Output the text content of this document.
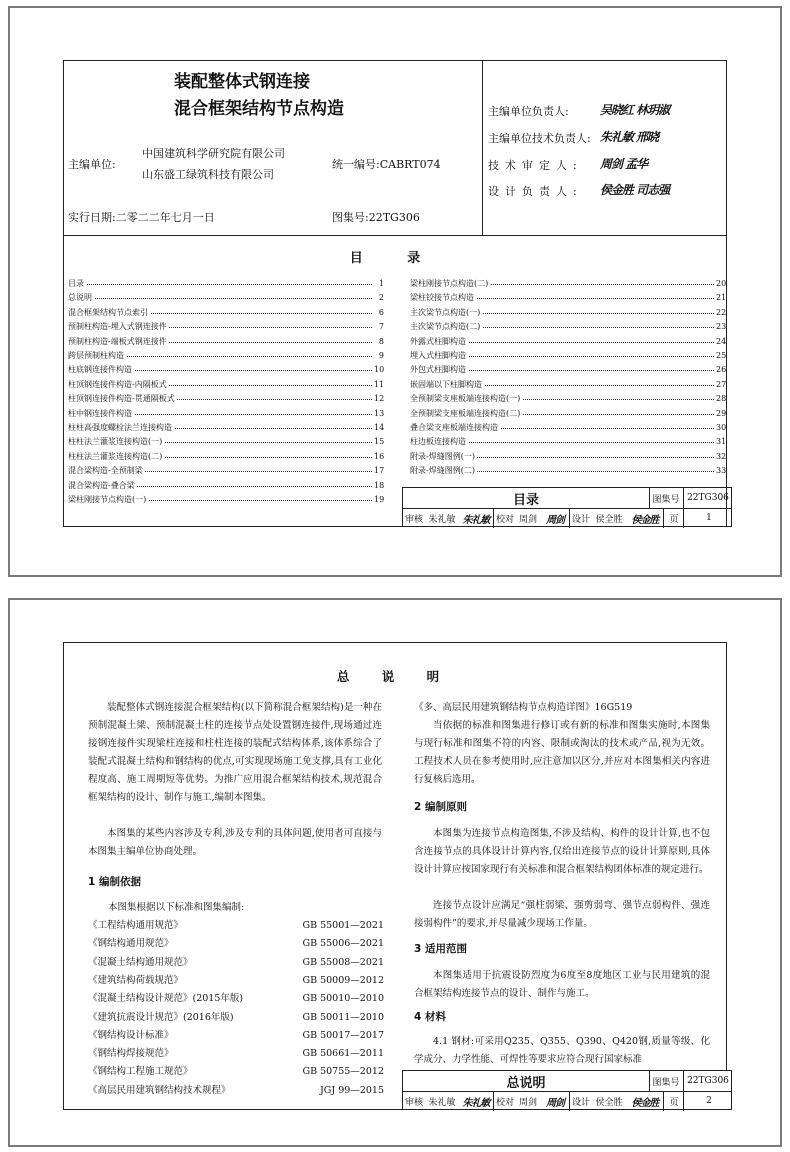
装配整体式钢连接
混合框架结构节点构造
主编单位:
中国建筑科学研究院有限公司
山东盛工绿筑科技有限公司
统一编号:CABRT074
实行日期:二零二二年七月一日	图集号:22TG306
主编单位负责人:	吴晓红 林玥淑
主编单位技术负责人: 朱礼敏 邢晓
技术审定人: 周剑 孟华
设计负责人: 侯金胜 司志强
目 录
目录	1
总说明	2
混合框架结构节点索引	6
预制柱构造-埋入式钢连接件	7
预制柱构造-端板式钢连接件	8
跨层预制柱构造	9
柱底钢连接件构造	10
柱顶钢连接件构造-内隔板式	11
柱顶钢连接件构造-贯通隔板式	12
柱中钢连接件构造	13
柱柱高强度螺栓法兰连接构造	14
柱柱法兰灌浆连接构造(一)	15
柱柱法兰灌浆连接构造(二)	16
混合梁构造-全预制梁	17
混合梁构造-叠合梁	18
梁柱刚接节点构造(一)	19
梁柱刚接节点构造(二)	20
梁柱铰接节点构造	21
主次梁节点构造(一)	22
主次梁节点构造(二)	23
外露式柱脚构造	24
埋入式柱脚构造	25
外包式柱脚构造	26
嵌固端以下柱脚构造	27
全预制梁支座板端连接构造(一)	28
全预制梁支座板端连接构造(二)	29
叠合梁支座板端连接构造	30
柱边板连接构造	31
附录-焊缝图例(一)	32
附录-焊缝图例(二)	33
目录	图集号 22TG306
审核 朱礼敏 朱礼敏 校对 周剑 周剑 设计 侯全胜 侯金胜	页	1
总 说 明
装配整体式钢连接混合框架结构(以下简称混合框架结构)是一种在预制混凝土梁、预制混凝土柱的连接节点处设置钢连接件,现场通过连接钢连接件实现梁柱连接和柱柱连接的装配式结构体系,该体系综合了装配式混凝土结构和钢结构的优点,可实现现场施工免支撑,具有工业化程度高、施工周期短等优势。为推广应用混合框架结构技术,规范混合框架结构的设计、制作与施工,编制本图集。
本图集的某些内容涉及专利,涉及专利的具体问题,使用者可直接与本图集主编单位协商处理。
1 编制依据
本图集根据以下标准和图集编制:
《工程结构通用规范》	GB 55001—2021
《钢结构通用规范》	GB 55006—2021
《混凝土结构通用规范》	GB 55008—2021
《建筑结构荷载规范》	GB 50009—2012
《混凝土结构设计规范》(2015年版)	GB 50010—2010
《建筑抗震设计规范》(2016年版)	GB 50011—2010
《钢结构设计标准》	GB 50017—2017
《钢结构焊接规范》	GB 50661—2011
《钢结构工程施工规范》	GB 50755—2012
《高层民用建筑钢结构技术规程》	JGJ 99—2015
《多、高层民用建筑钢结构节点构造详图》16G519
当依据的标准和图集进行修订或有新的标准和图集实施时,本图集与现行标准和图集不符的内容、限制或淘汰的技术或产品,视为无效。工程技术人员在参考使用时,应注意加以区分,并应对本图集相关内容进行复核后选用。
2 编制原则
本图集为连接节点构造图集,不涉及结构、构件的设计计算,也不包含连接节点的具体设计计算内容,仅给出连接节点的设计计算原则,具体设计计算应按国家现行有关标准和混合框架结构团体标准的规定进行。
连接节点设计应满足“强柱弱梁、强剪弱弯、强节点弱构件、强连接弱构件”的要求,并尽量减少现场工作量。
3 适用范围
本图集适用于抗震设防烈度为6度至8度地区工业与民用建筑的混合框架结构连接节点的设计、制作与施工。
4 材料
4.1 钢材:可采用Q235、Q355、Q390、Q420钢,质量等级、化学成分、力学性能、可焊性等要求应符合现行国家标准
总说明	图集号 22TG306
审核 朱礼敏 朱礼敏 校对 周剑 周剑 设计 侯全胜 侯金胜	页	2
